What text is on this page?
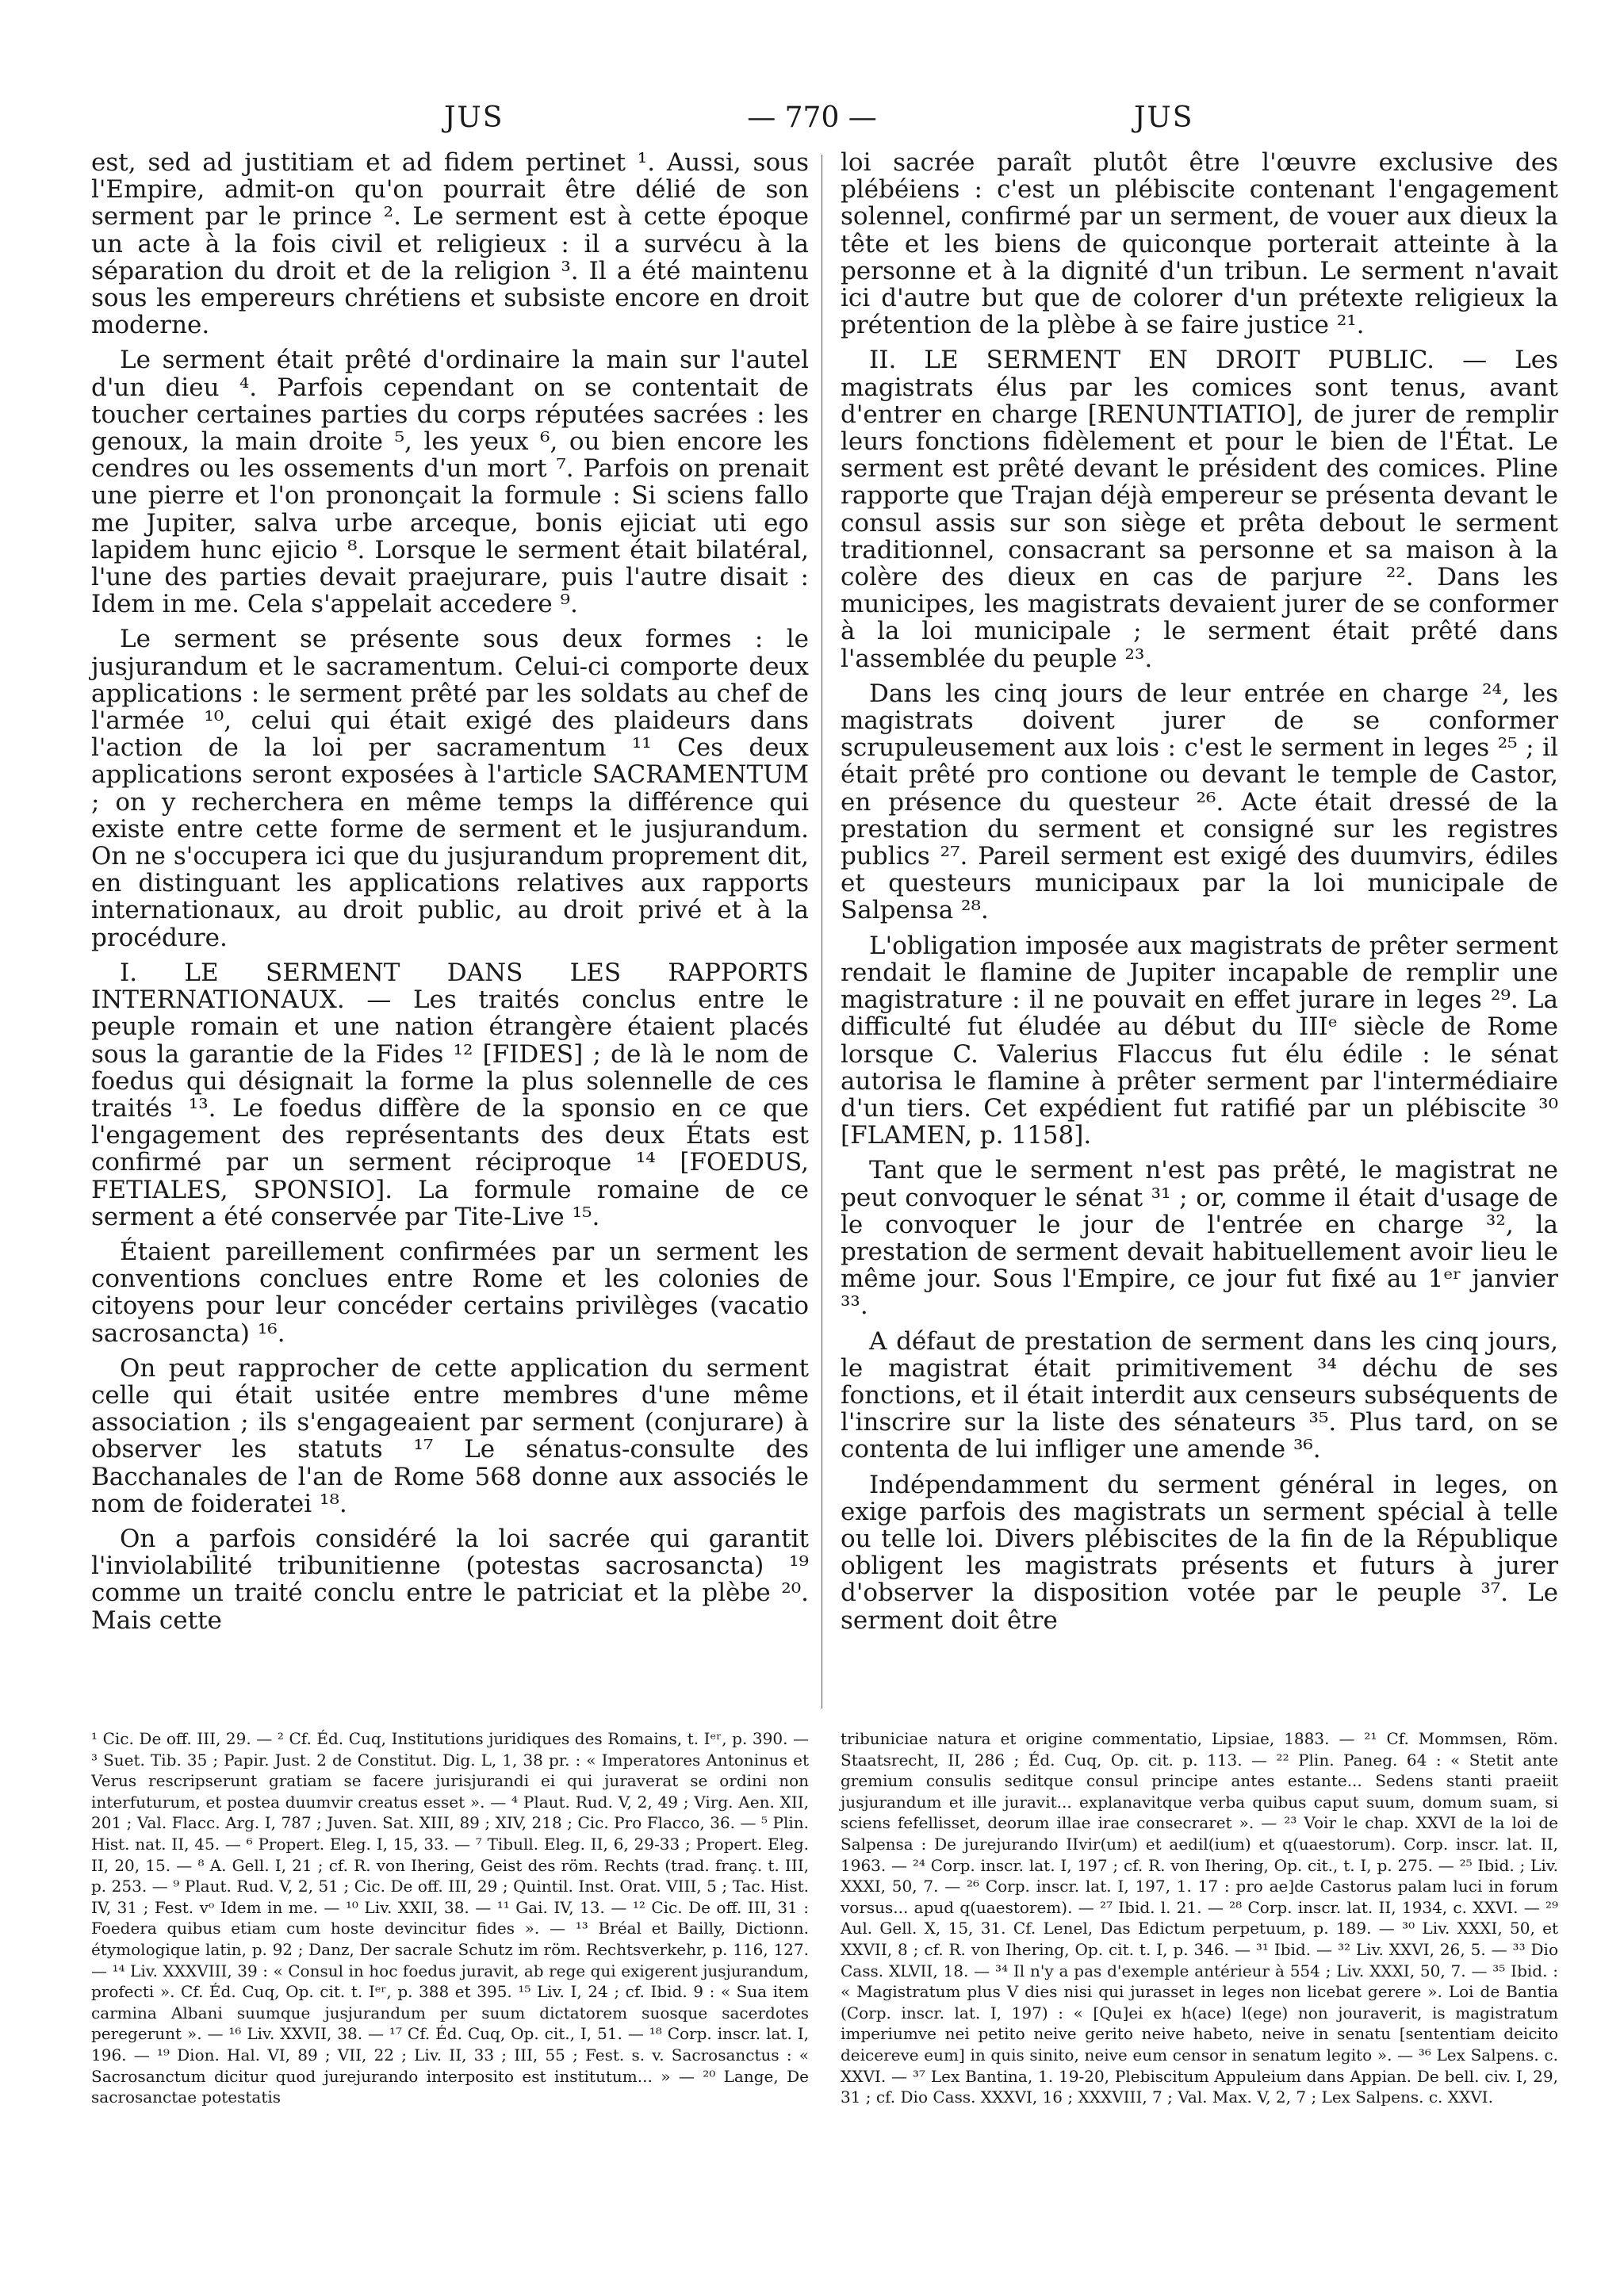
JUS	— 770 —	JUS

est, sed ad justitiam et ad fidem pertinet ¹. Aussi, sous l'Empire, admit-on qu'on pourrait être délié de son serment par le prince ². Le serment est à cette époque un acte à la fois civil et religieux : il a survécu à la séparation du droit et de la religion ³. Il a été maintenu sous les empereurs chrétiens et subsiste encore en droit moderne.

Le serment était prêté d'ordinaire la main sur l'autel d'un dieu ⁴. Parfois cependant on se contentait de toucher certaines parties du corps réputées sacrées : les genoux, la main droite ⁵, les yeux ⁶, ou bien encore les cendres ou les ossements d'un mort ⁷. Parfois on prenait une pierre et l'on prononçait la formule : Si sciens fallo me Jupiter, salva urbe arceque, bonis ejiciat uti ego lapidem hunc ejicio ⁸. Lorsque le serment était bilatéral, l'une des parties devait praejurare, puis l'autre disait : Idem in me. Cela s'appelait accedere ⁹.

Le serment se présente sous deux formes : le jusjurandum et le sacramentum. Celui-ci comporte deux applications : le serment prêté par les soldats au chef de l'armée ¹⁰, celui qui était exigé des plaideurs dans l'action de la loi per sacramentum ¹¹ Ces deux applications seront exposées à l'article SACRAMENTUM ; on y recherchera en même temps la différence qui existe entre cette forme de serment et le jusjurandum. On ne s'occupera ici que du jusjurandum proprement dit, en distinguant les applications relatives aux rapports internationaux, au droit public, au droit privé et à la procédure.

I. LE SERMENT DANS LES RAPPORTS INTERNATIONAUX. — Les traités conclus entre le peuple romain et une nation étrangère étaient placés sous la garantie de la Fides ¹² [FIDES] ; de là le nom de foedus qui désignait la forme la plus solennelle de ces traités ¹³. Le foedus diffère de la sponsio en ce que l'engagement des représentants des deux États est confirmé par un serment réciproque ¹⁴ [FOEDUS, FETIALES, SPONSIO]. La formule romaine de ce serment a été conservée par Tite-Live ¹⁵.

Étaient pareillement confirmées par un serment les conventions conclues entre Rome et les colonies de citoyens pour leur concéder certains privilèges (vacatio sacrosancta) ¹⁶.

On peut rapprocher de cette application du serment celle qui était usitée entre membres d'une même association ; ils s'engageaient par serment (conjurare) à observer les statuts ¹⁷ Le sénatus-consulte des Bacchanales de l'an de Rome 568 donne aux associés le nom de foideratei ¹⁸.

On a parfois considéré la loi sacrée qui garantit l'inviolabilité tribunitienne (potestas sacrosancta) ¹⁹ comme un traité conclu entre le patriciat et la plèbe ²⁰. Mais cette

loi sacrée paraît plutôt être l'œuvre exclusive des plébéiens : c'est un plébiscite contenant l'engagement solennel, confirmé par un serment, de vouer aux dieux la tête et les biens de quiconque porterait atteinte à la personne et à la dignité d'un tribun. Le serment n'avait ici d'autre but que de colorer d'un prétexte religieux la prétention de la plèbe à se faire justice ²¹.

II. LE SERMENT EN DROIT PUBLIC. — Les magistrats élus par les comices sont tenus, avant d'entrer en charge [RENUNTIATIO], de jurer de remplir leurs fonctions fidèlement et pour le bien de l'État. Le serment est prêté devant le président des comices. Pline rapporte que Trajan déjà empereur se présenta devant le consul assis sur son siège et prêta debout le serment traditionnel, consacrant sa personne et sa maison à la colère des dieux en cas de parjure ²². Dans les municipes, les magistrats devaient jurer de se conformer à la loi municipale ; le serment était prêté dans l'assemblée du peuple ²³.

Dans les cinq jours de leur entrée en charge ²⁴, les magistrats doivent jurer de se conformer scrupuleusement aux lois : c'est le serment in leges ²⁵ ; il était prêté pro contione ou devant le temple de Castor, en présence du questeur ²⁶. Acte était dressé de la prestation du serment et consigné sur les registres publics ²⁷. Pareil serment est exigé des duumvirs, édiles et questeurs municipaux par la loi municipale de Salpensa ²⁸.

L'obligation imposée aux magistrats de prêter serment rendait le flamine de Jupiter incapable de remplir une magistrature : il ne pouvait en effet jurare in leges ²⁹. La difficulté fut éludée au début du IIIᵉ siècle de Rome lorsque C. Valerius Flaccus fut élu édile : le sénat autorisa le flamine à prêter serment par l'intermédiaire d'un tiers. Cet expédient fut ratifié par un plébiscite ³⁰ [FLAMEN, p. 1158].

Tant que le serment n'est pas prêté, le magistrat ne peut convoquer le sénat ³¹ ; or, comme il était d'usage de le convoquer le jour de l'entrée en charge ³², la prestation de serment devait habituellement avoir lieu le même jour. Sous l'Empire, ce jour fut fixé au 1ᵉʳ janvier ³³.

A défaut de prestation de serment dans les cinq jours, le magistrat était primitivement ³⁴ déchu de ses fonctions, et il était interdit aux censeurs subséquents de l'inscrire sur la liste des sénateurs ³⁵. Plus tard, on se contenta de lui infliger une amende ³⁶.

Indépendamment du serment général in leges, on exige parfois des magistrats un serment spécial à telle ou telle loi. Divers plébiscites de la fin de la République obligent les magistrats présents et futurs à jurer d'observer la disposition votée par le peuple ³⁷. Le serment doit être

¹ Cic. De off. III, 29. — ² Cf. Éd. Cuq, Institutions juridiques des Romains, t. Iᵉʳ, p. 390. — ³ Suet. Tib. 35 ; Papir. Just. 2 de Constitut. Dig. L, 1, 38 pr. : « Imperatores Antoninus et Verus rescripserunt gratiam se facere jurisjurandi ei qui juraverat se ordini non interfuturum, et postea duumvir creatus esset ». — ⁴ Plaut. Rud. V, 2, 49 ; Virg. Aen. XII, 201 ; Val. Flacc. Arg. I, 787 ; Juven. Sat. XIII, 89 ; XIV, 218 ; Cic. Pro Flacco, 36. — ⁵ Plin. Hist. nat. II, 45. — ⁶ Propert. Eleg. I, 15, 33. — ⁷ Tibull. Eleg. II, 6, 29-33 ; Propert. Eleg. II, 20, 15. — ⁸ A. Gell. I, 21 ; cf. R. von Ihering, Geist des röm. Rechts (trad. franç. t. III, p. 253. — ⁹ Plaut. Rud. V, 2, 51 ; Cic. De off. III, 29 ; Quintil. Inst. Orat. VIII, 5 ; Tac. Hist. IV, 31 ; Fest. vᵒ Idem in me. — ¹⁰ Liv. XXII, 38. — ¹¹ Gai. IV, 13. — ¹² Cic. De off. III, 31 : Foedera quibus etiam cum hoste devincitur fides ». — ¹³ Bréal et Bailly, Dictionn. étymologique latin, p. 92 ; Danz, Der sacrale Schutz im röm. Rechtsverkehr, p. 116, 127. — ¹⁴ Liv. XXXVIII, 39 : « Consul in hoc foedus juravit, ab rege qui exigerent jusjurandum, profecti ». Cf. Éd. Cuq, Op. cit. t. Iᵉʳ, p. 388 et 395. ¹⁵ Liv. I, 24 ; cf. Ibid. 9 : « Sua item carmina Albani suumque jusjurandum per suum dictatorem suosque sacerdotes peregerunt ». — ¹⁶ Liv. XXVII, 38. — ¹⁷ Cf. Éd. Cuq, Op. cit., I, 51. — ¹⁸ Corp. inscr. lat. I, 196. — ¹⁹ Dion. Hal. VI, 89 ; VII, 22 ; Liv. II, 33 ; III, 55 ; Fest. s. v. Sacrosanctus : « Sacrosanctum dicitur quod jurejurando interposito est institutum... » — ²⁰ Lange, De sacrosanctae potestatis
tribuniciae natura et origine commentatio, Lipsiae, 1883. — ²¹ Cf. Mommsen, Röm. Staatsrecht, II, 286 ; Éd. Cuq, Op. cit. p. 113. — ²² Plin. Paneg. 64 : « Stetit ante gremium consulis seditque consul principe antes estante... Sedens stanti praeiit jusjurandum et ille juravit... explanavitque verba quibus caput suum, domum suam, si sciens fefellisset, deorum illae irae consecraret ». — ²³ Voir le chap. XXVI de la loi de Salpensa : De jurejurando IIvir(um) et aedil(ium) et q(uaestorum). Corp. inscr. lat. II, 1963. — ²⁴ Corp. inscr. lat. I, 197 ; cf. R. von Ihering, Op. cit., t. I, p. 275. — ²⁵ Ibid. ; Liv. XXXI, 50, 7. — ²⁶ Corp. inscr. lat. I, 197, 1. 17 : pro ae]de Castorus palam luci in forum vorsus... apud q(uaestorem). — ²⁷ Ibid. l. 21. — ²⁸ Corp. inscr. lat. II, 1934, c. XXVI. — ²⁹ Aul. Gell. X, 15, 31. Cf. Lenel, Das Edictum perpetuum, p. 189. — ³⁰ Liv. XXXI, 50, et XXVII, 8 ; cf. R. von Ihering, Op. cit. t. I, p. 346. — ³¹ Ibid. — ³² Liv. XXVI, 26, 5. — ³³ Dio Cass. XLVII, 18. — ³⁴ Il n'y a pas d'exemple antérieur à 554 ; Liv. XXXI, 50, 7. — ³⁵ Ibid. : « Magistratum plus V dies nisi qui jurasset in leges non licebat gerere ». Loi de Bantia (Corp. inscr. lat. I, 197) : « [Qu]ei ex h(acе) l(ege) non jouraverit, is magistratum imperiumve nei petito neive gerito neive habeto, neive in senatu [sententiam deicito deicereve eum] in quis sinito, neive eum censor in senatum legito ». — ³⁶ Lex Salpens. c. XXVI. — ³⁷ Lex Bantina, 1. 19-20, Plebiscitum Appuleium dans Appian. De bell. civ. I, 29, 31 ; cf. Dio Cass. XXXVI, 16 ; XXXVIII, 7 ; Val. Max. V, 2, 7 ; Lex Salpens. c. XXVI.
